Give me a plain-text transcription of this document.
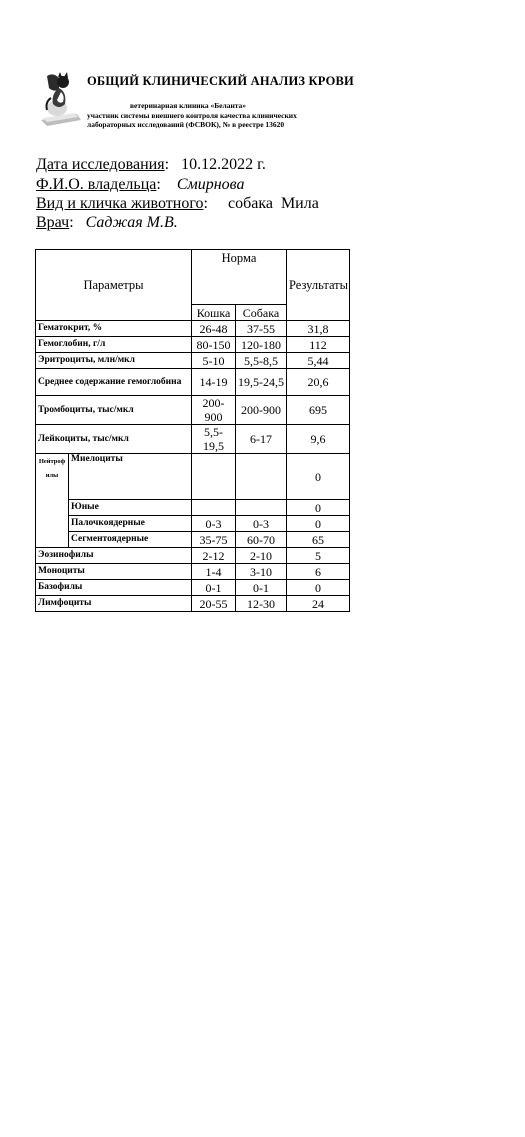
ОБЩИЙ КЛИНИЧЕСКИЙ АНАЛИЗ КРОВИ
ветеринарная клиника «Беланта»
участник системы внешнего контроля качества клинических
лабораторных исследований (ФСВОК), № в реестре 13620
Дата исследования:   10.12.2022 г.
Ф.И.О. владельца:    Смирнова
Вид и кличка животного:     собака  Мила
Врач:   Саджая М.В.
Параметры		Норма		Результаты
		Кошка	Собака	
Гематокрит, %		26-48	37-55	31,8
Гемоглобин, г/л		80-150	120-180	112
Эритроциты, млн/мкл		5-10	5,5-8,5	5,44
Среднее содержание гемоглобина		14-19	19,5-24,5	20,6
Тромбоциты, тыс/мкл		200-900	200-900	695
Лейкоциты, тыс/мкл		5,5-19,5	6-17	9,6
Нейтрофилы	Миелоциты			0
	Юные			0
	Палочкоядерные	0-3	0-3	0
	Сегментоядерные	35-75	60-70	65
Эозинофилы		2-12	2-10	5
Моноциты		1-4	3-10	6
Базофилы		0-1	0-1	0
Лимфоциты		20-55	12-30	24
